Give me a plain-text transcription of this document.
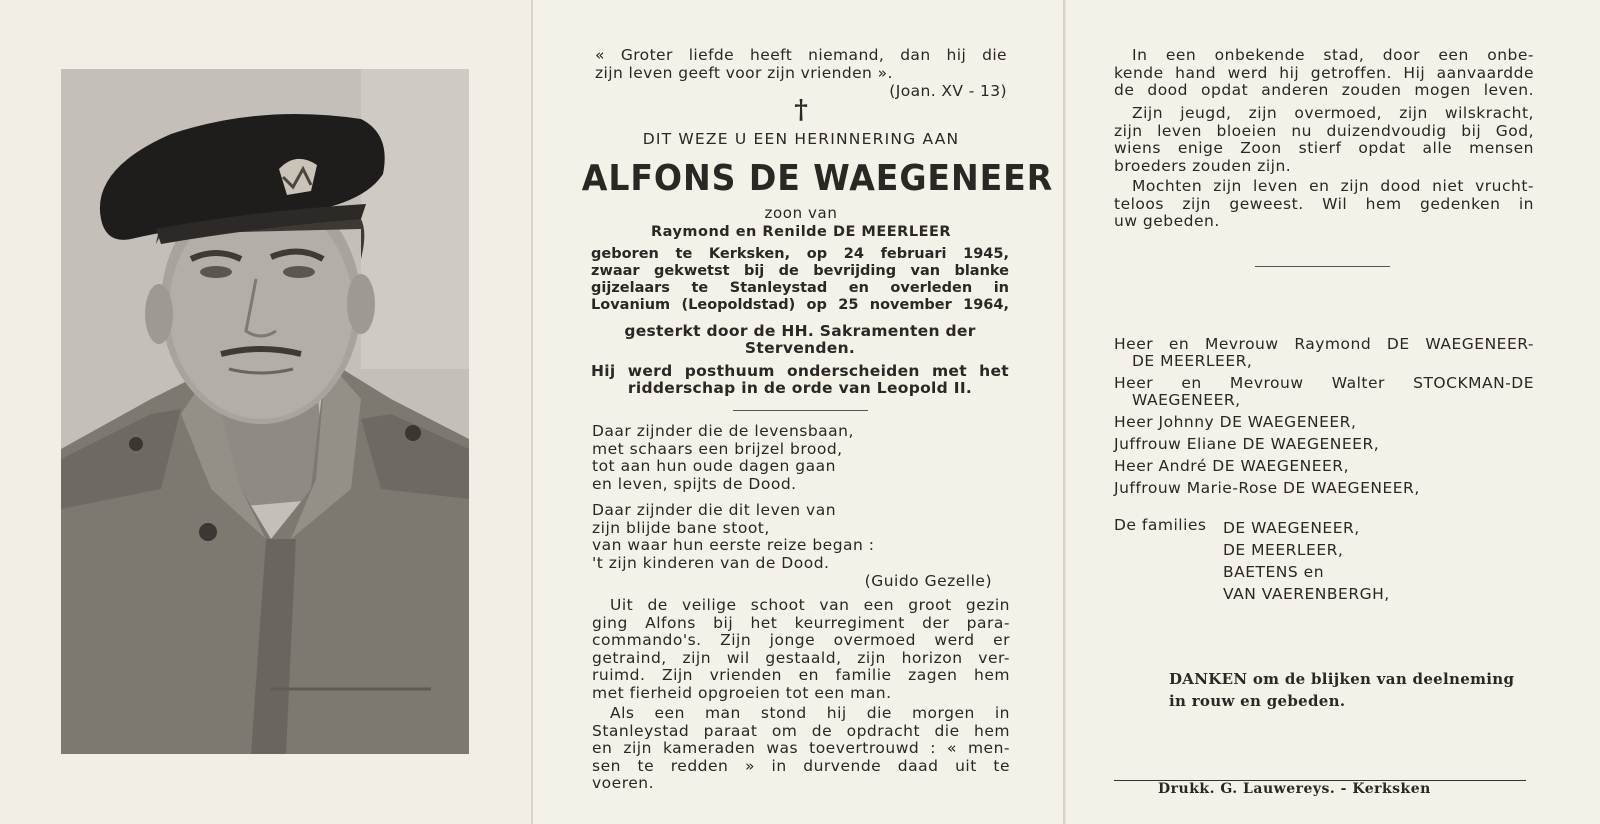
« Groter liefde heeft niemand, dan hij die

zijn leven geeft voor zijn vrienden ».

(Joan. XV - 13)

†

DIT WEZE U EEN HERINNERING AAN

ALFONS DE WAEGENEER

zoon van

Raymond en Renilde DE MEERLEER

geboren te Kerksken, op 24 februari 1945,

zwaar gekwetst bij de bevrijding van blanke

gijzelaars te Stanleystad en overleden in

Lovanium (Leopoldstad) op 25 november 1964,

gesterkt door de HH. Sakramenten der

Stervenden.

Hij werd posthuum onderscheiden met het

ridderschap in de orde van Leopold II.

Daar zijnder die de levensbaan,
met schaars een brijzel brood,
tot aan hun oude dagen gaan
en leven, spijts de Dood.
Daar zijnder die dit leven van
zijn blijde bane stoot,
van waar hun eerste reize began :
't zijn kinderen van de Dood.

(Guido Gezelle)

Uit de veilige schoot van een groot gezin
ging Alfons bij het keurregiment der para-
commando's. Zijn jonge overmoed werd er
getraind, zijn wil gestaald, zijn horizon ver-
ruimd. Zijn vrienden en familie zagen hem
met fierheid opgroeien tot een man.
Als een man stond hij die morgen in
Stanleystad paraat om de opdracht die hem
en zijn kameraden was toevertrouwd : « men-
sen te redden » in durvende daad uit te
voeren.
In een onbekende stad, door een onbe-
kende hand werd hij getroffen. Hij aanvaardde
de dood opdat anderen zouden mogen leven.
Zijn jeugd, zijn overmoed, zijn wilskracht,
zijn leven bloeien nu duizendvoudig bij God,
wiens enige Zoon stierf opdat alle mensen
broeders zouden zijn.
Mochten zijn leven en zijn dood niet vrucht-
teloos zijn geweest. Wil hem gedenken in
uw gebeden.
Heer en Mevrouw Raymond DE WAEGENEER-
DE MEERLEER,
Heer en Mevrouw Walter STOCKMAN-DE
WAEGENEER,
Heer Johnny DE WAEGENEER,
Juffrouw Eliane DE WAEGENEER,
Heer André DE WAEGENEER,
Juffrouw Marie-Rose DE WAEGENEER,

De families DE WAEGENEER,
DE MEERLEER,
BAETENS en
VAN VAERENBERGH,
DANKEN om de blijken van deelneming
in rouw en gebeden.

Drukk. G. Lauwereys. - Kerksken
